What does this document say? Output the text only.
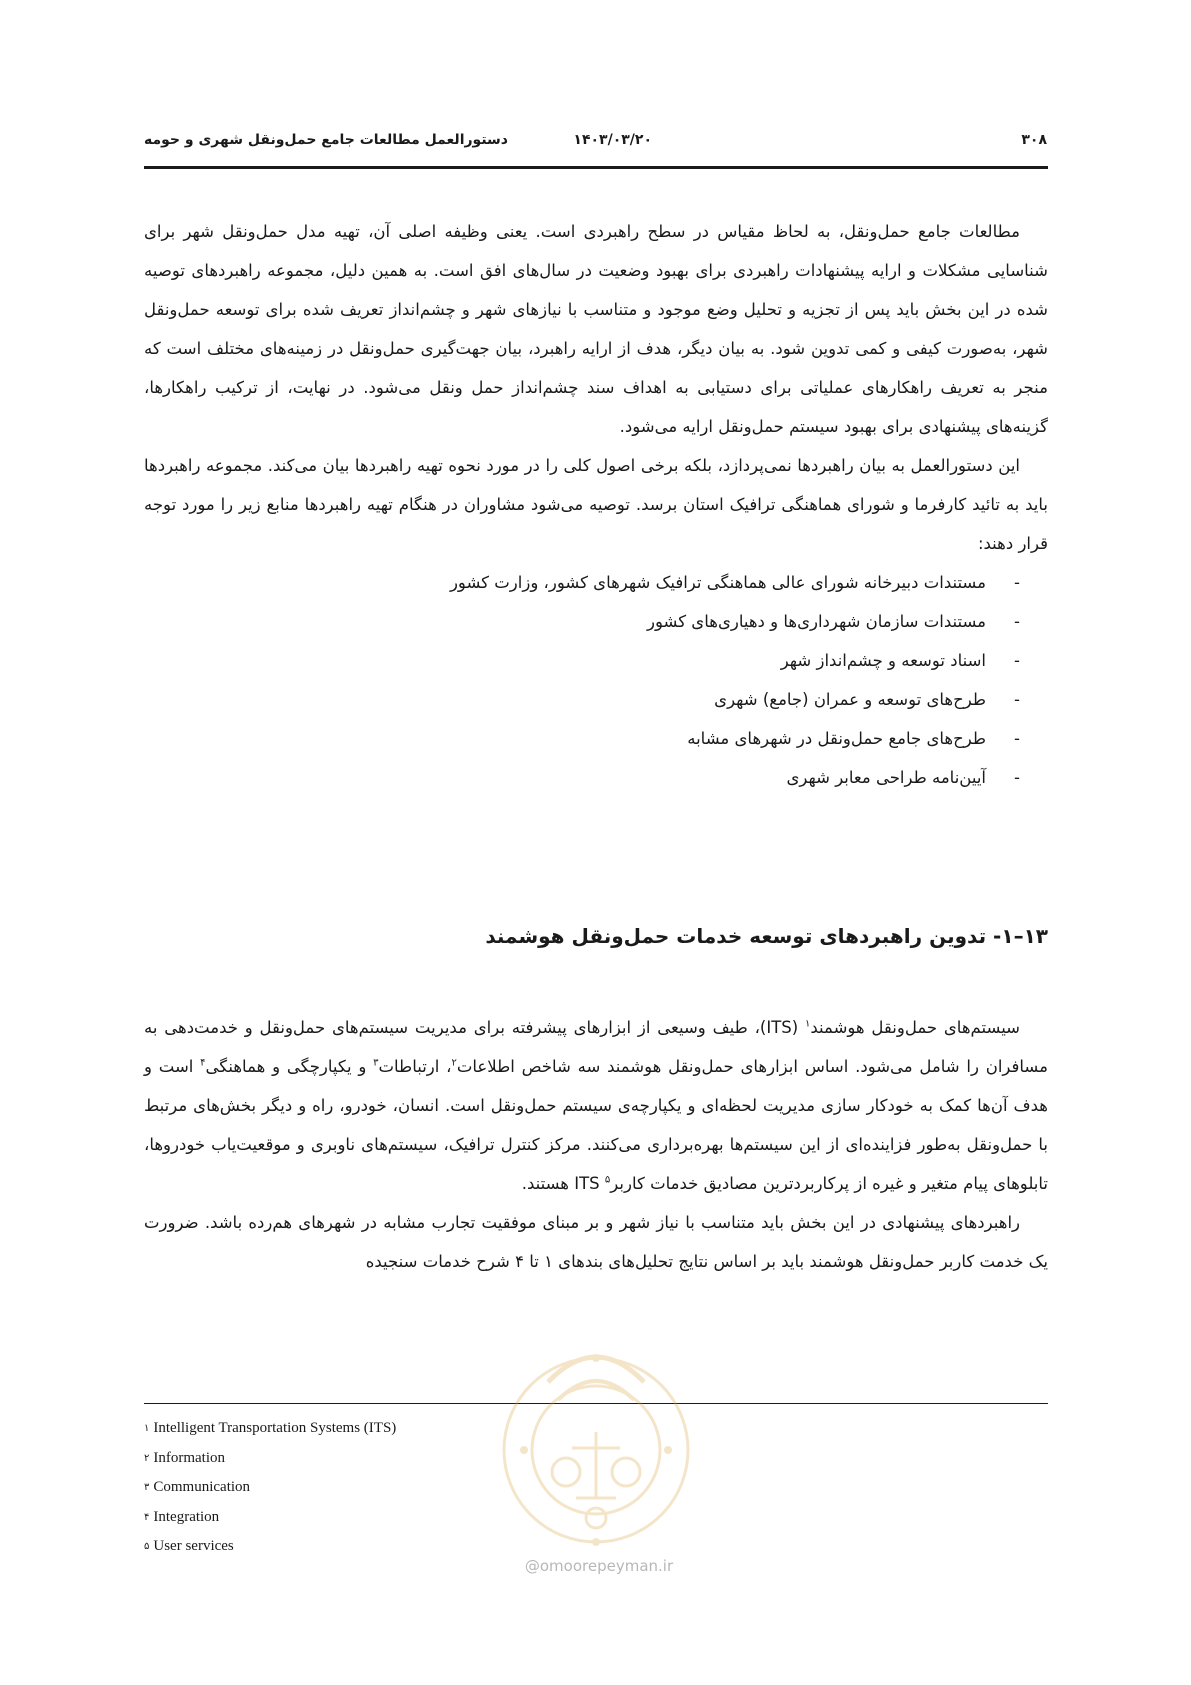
۳۰۸
۱۴۰۳/۰۳/۲۰
دستورالعمل مطالعات جامع حمل‌ونقل شهری و حومه

مطالعات جامع حمل‌ونقل، به لحاظ مقیاس در سطح راهبردی است. یعنی وظیفه اصلی آن، تهیه مدل حمل‌ونقل شهر برای شناسایی مشکلات و ارایه پیشنهادات راهبردی برای بهبود وضعیت در سال‌های افق است. به همین دلیل، مجموعه راهبردهای توصیه شده در این بخش باید پس از تجزیه و تحلیل وضع موجود و متناسب با نیازهای شهر و چشم‌انداز تعریف شده برای توسعه حمل‌ونقل شهر، به‌صورت کیفی و کمی تدوین شود. به بیان دیگر، هدف از ارایه راهبرد، بیان جهت‌گیری حمل‌ونقل در زمینه‌های مختلف است که منجر به تعریف راهکارهای عملیاتی برای دستیابی به اهداف سند چشم‌انداز حمل ونقل می‌شود. در نهایت، از ترکیب راهکارها، گزینه‌های پیشنهادی برای بهبود سیستم حمل‌ونقل ارایه می‌شود.

این دستورالعمل به بیان راهبردها نمی‌پردازد، بلکه برخی اصول کلی را در مورد نحوه تهیه راهبردها بیان می‌کند. مجموعه راهبردها باید به تائید کارفرما و شورای هماهنگی ترافیک استان برسد. توصیه می‌شود مشاوران در هنگام تهیه راهبردها منابع زیر را مورد توجه قرار دهند:

-
مستندات دبیرخانه شورای عالی هماهنگی ترافیک شهرهای کشور، وزارت کشور
-
مستندات سازمان شهرداری‌ها و دهیاری‌های کشور
-
اسناد توسعه و چشم‌انداز شهر
-
طرح‌های توسعه و عمران (جامع) شهری
-
طرح‌های جامع حمل‌ونقل در شهرهای مشابه
-
آیین‌نامه طراحی معابر شهری
۱۳–۱- تدوین راهبردهای توسعه خدمات حمل‌ونقل هوشمند

سیستم‌های حمل‌ونقل هوشمند$^۱$ (ITS)، طیف وسیعی از ابزارهای پیشرفته برای مدیریت سیستم‌های حمل‌ونقل و خدمت‌دهی به مسافران را شامل می‌شود. اساس ابزارهای حمل‌ونقل هوشمند سه شاخص اطلاعات$^۲$، ارتباطات$^۳$ و یکپارچگی و هماهنگی$^۴$ است و هدف آن‌ها کمک به خودکار سازی مدیریت لحظه‌ای و یکپارچه‌ی سیستم حمل‌ونقل است. انسان، خودرو، راه و دیگر بخش‌های مرتبط با حمل‌ونقل به‌طور فزاینده‌ای از این سیستم‌ها بهره‌برداری می‌کنند. مرکز کنترل ترافیک، سیستم‌های ناوبری و موقعیت‌یاب خودروها، تابلوهای پیام متغیر و غیره از پرکاربردترین مصادیق خدمات کاربر$^۵$ ITS هستند.

راهبردهای پیشنهادی در این بخش باید متناسب با نیاز شهر و بر مبنای موفقیت تجارب مشابه در شهرهای هم‌رده باشد. ضرورت یک خدمت کاربر حمل‌ونقل هوشمند باید بر اساس نتایج تحلیل‌های بندهای ۱ تا ۴ شرح خدمات سنجیده

$^۱$ Intelligent Transportation Systems (ITS)
$^۲$ Information
$^۳$ Communication
$^۴$ Integration
$^۵$ User services
@omoorepeyman.ir
